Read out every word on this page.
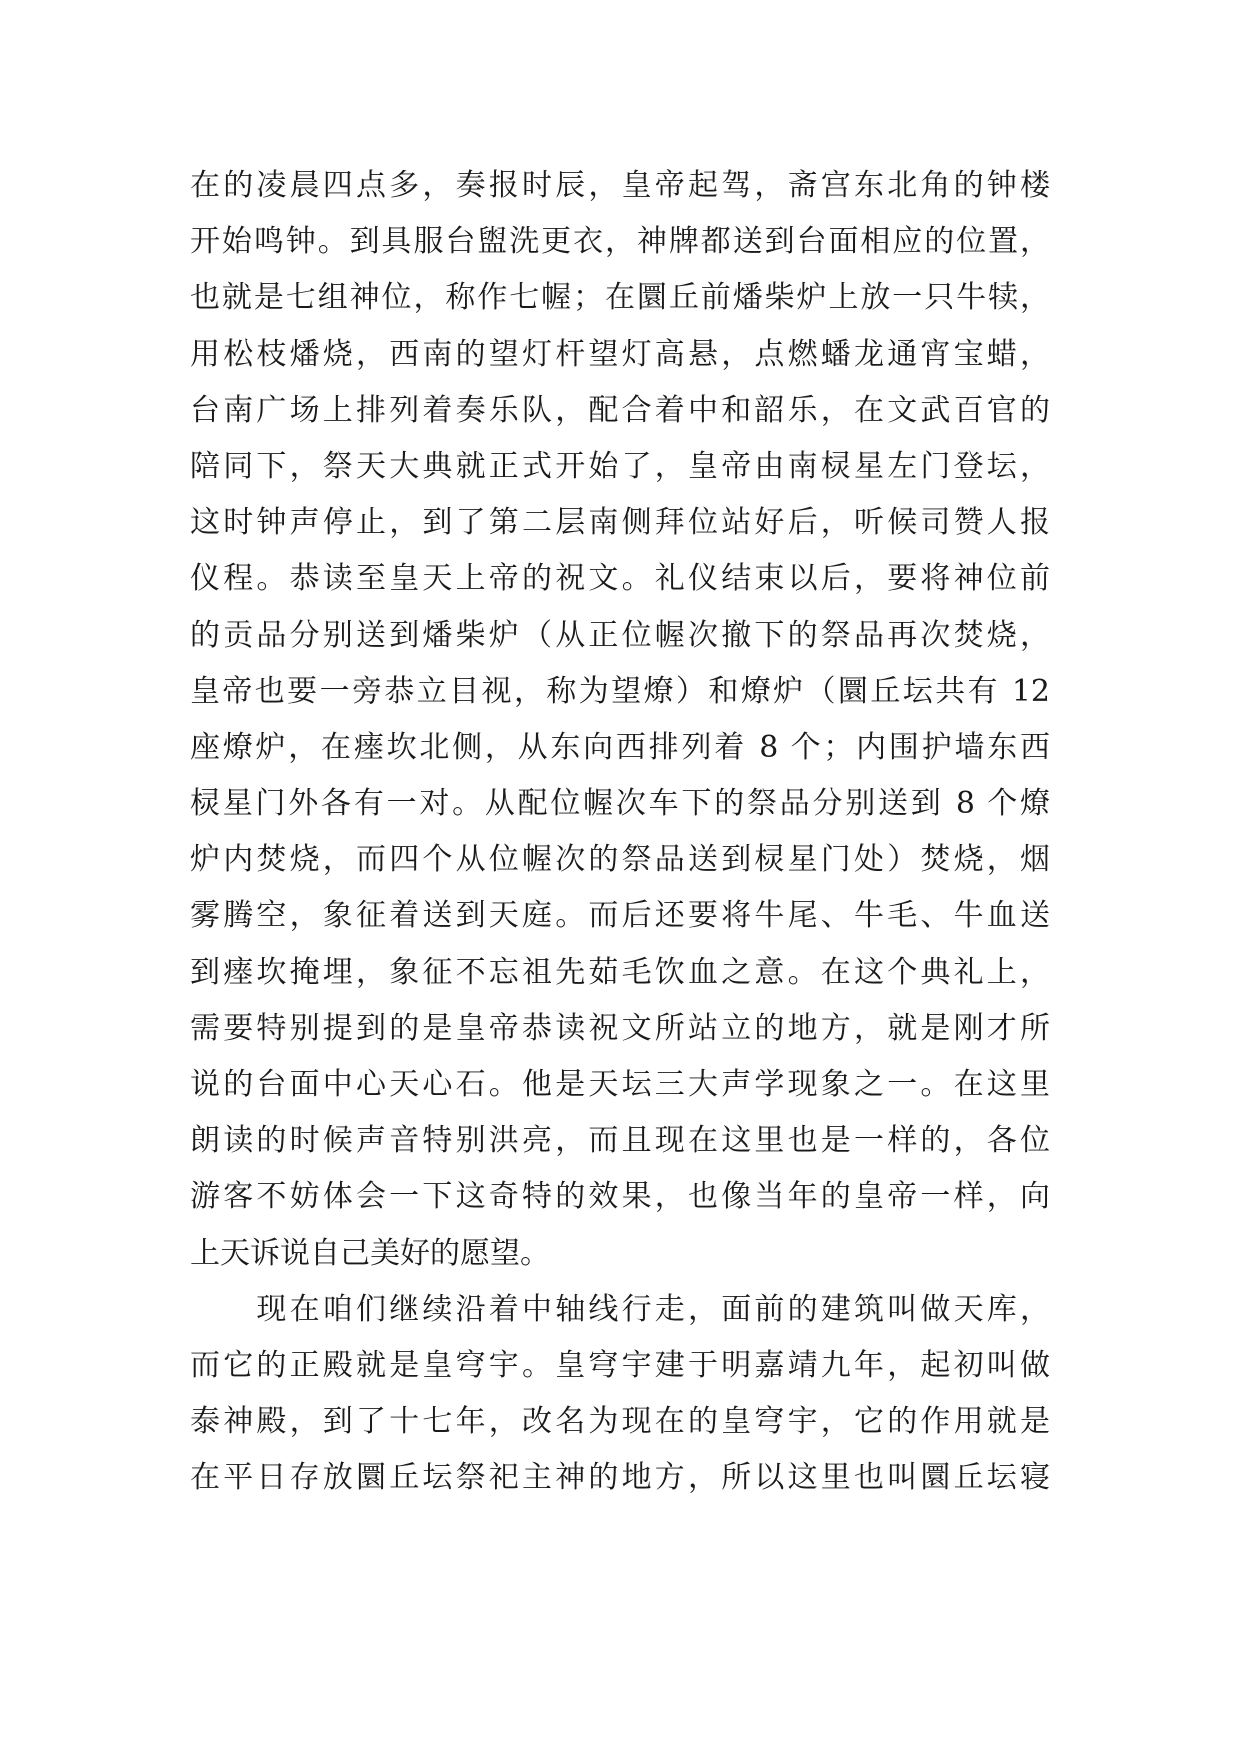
在的凌晨四点多，奏报时辰，皇帝起驾，斋宫东北角的钟楼
开始鸣钟。到具服台盥洗更衣，神牌都送到台面相应的位置，
也就是七组神位，称作七幄；在圜丘前燔柴炉上放一只牛犊，
用松枝燔烧，西南的望灯杆望灯高悬，点燃蟠龙通宵宝蜡，
台南广场上排列着奏乐队，配合着中和韶乐，在文武百官的
陪同下，祭天大典就正式开始了，皇帝由南棂星左门登坛，
这时钟声停止，到了第二层南侧拜位站好后，听候司赞人报
仪程。恭读至皇天上帝的祝文。礼仪结束以后，要将神位前
的贡品分别送到燔柴炉（从正位幄次撤下的祭品再次焚烧，
皇帝也要一旁恭立目视，称为望燎）和燎炉（圜丘坛共有 12
座燎炉，在瘗坎北侧，从东向西排列着 8 个；内围护墙东西
棂星门外各有一对。从配位幄次车下的祭品分别送到 8 个燎
炉内焚烧，而四个从位幄次的祭品送到棂星门处）焚烧，烟
雾腾空，象征着送到天庭。而后还要将牛尾、牛毛、牛血送
到瘗坎掩埋，象征不忘祖先茹毛饮血之意。在这个典礼上，
需要特别提到的是皇帝恭读祝文所站立的地方，就是刚才所
说的台面中心天心石。他是天坛三大声学现象之一。在这里
朗读的时候声音特别洪亮，而且现在这里也是一样的，各位
游客不妨体会一下这奇特的效果，也像当年的皇帝一样，向
上天诉说自己美好的愿望。
　　现在咱们继续沿着中轴线行走，面前的建筑叫做天库，
而它的正殿就是皇穹宇。皇穹宇建于明嘉靖九年，起初叫做
泰神殿，到了十七年，改名为现在的皇穹宇，它的作用就是
在平日存放圜丘坛祭祀主神的地方，所以这里也叫圜丘坛寝
